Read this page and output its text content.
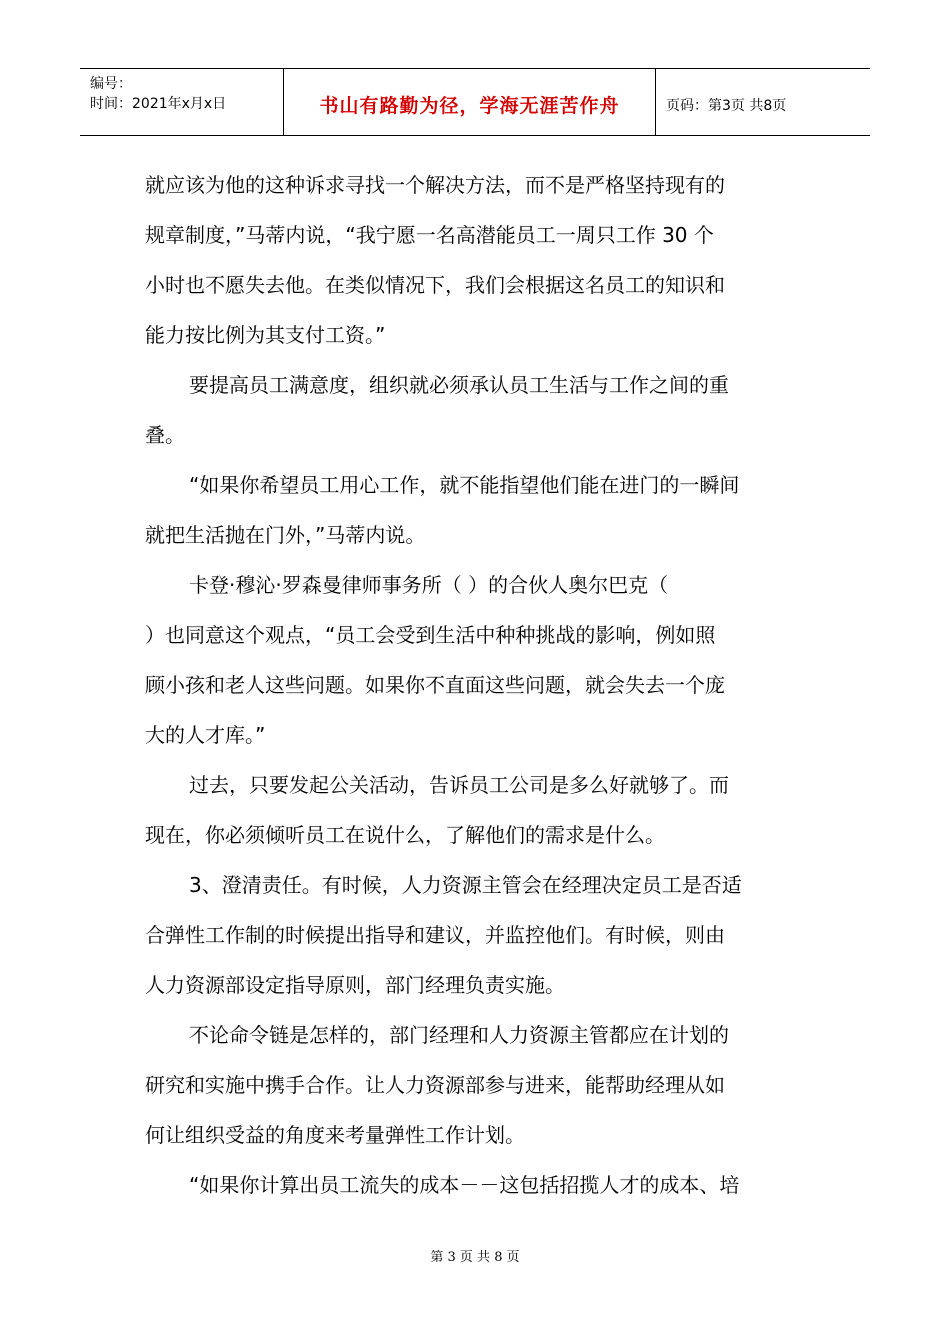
编号：
时间：2021年x月x日	书山有路勤为径，学海无涯苦作舟	页码：第3页 共8页
就应该为他的这种诉求寻找一个解决方法，而不是严格坚持现有的
规章制度，”马蒂内说，“我宁愿一名高潜能员工一周只工作 30 个
小时也不愿失去他。在类似情况下，我们会根据这名员工的知识和
能力按比例为其支付工资。”
要提高员工满意度，组织就必须承认员工生活与工作之间的重
叠。
“如果你希望员工用心工作，就不能指望他们能在进门的一瞬间
就把生活抛在门外，”马蒂内说。
卡登·穆沁·罗森曼律师事务所（ ）的合伙人奥尔巴克（
）也同意这个观点，“员工会受到生活中种种挑战的影响，例如照
顾小孩和老人这些问题。如果你不直面这些问题，就会失去一个庞
大的人才库。”
过去，只要发起公关活动，告诉员工公司是多么好就够了。而
现在，你必须倾听员工在说什么，了解他们的需求是什么。
3、澄清责任。有时候，人力资源主管会在经理决定员工是否适
合弹性工作制的时候提出指导和建议，并监控他们。有时候，则由
人力资源部设定指导原则，部门经理负责实施。
不论命令链是怎样的，部门经理和人力资源主管都应在计划的
研究和实施中携手合作。让人力资源部参与进来，能帮助经理从如
何让组织受益的角度来考量弹性工作计划。
“如果你计算出员工流失的成本－－这包括招揽人才的成本、培
第 3 页 共 8 页
